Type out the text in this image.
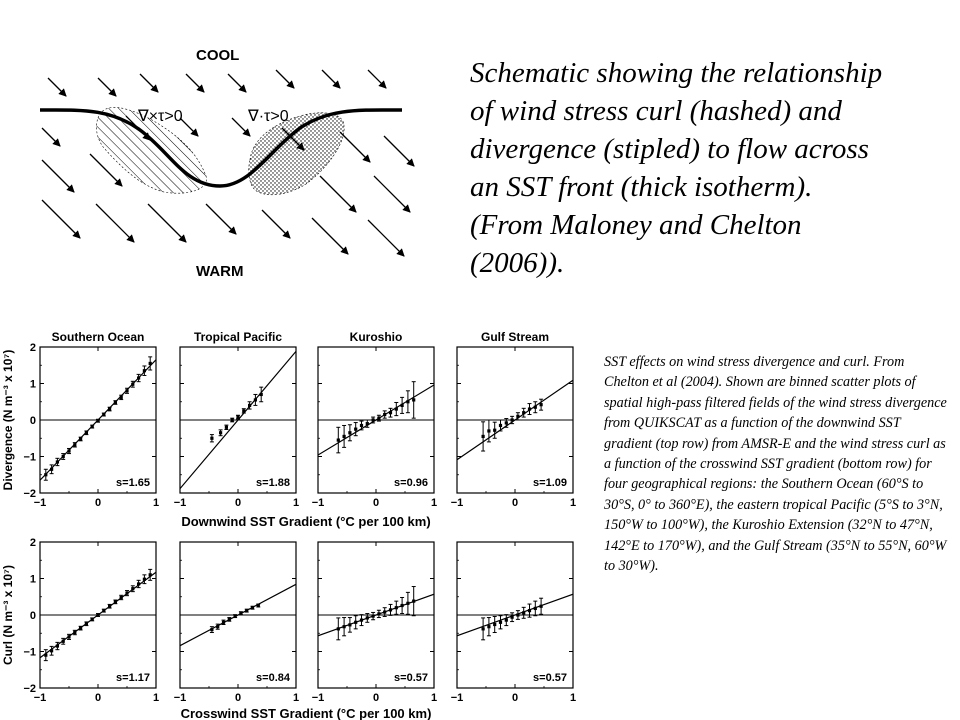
COOL
WARM
∇×τ>0	∇·τ>0
Schematic showing the relationship of wind stress curl (hashed) and divergence (stipled) to flow across an SST front (thick isotherm). (From Maloney and Chelton (2006)).
Downwind SST Gradient (°C per 100 km)
Crosswind SST Gradient (°C per 100 km)
s=1.65
Southern Ocean
−1	0	1
2
1
0
−1
−2
Divergence (N m⁻³ x 10⁷)	s=1.88
Tropical Pacific
−1	0	1
s=0.96
Kuroshio
−1	0	1
s=1.09
Gulf Stream
−1	0	1
s=1.17
−1	0	1
2
1
0
−1
−2
Curl (N m⁻³ x 10⁷)
s=0.84
−1	0	1
s=0.57
−1	0	1
s=0.57
−1	0	1
SST effects on wind stress divergence and curl. From Chelton et al (2004). Shown are binned scatter plots of spatial high-pass filtered fields of the wind stress divergence from QUIKSCAT as a function of the downwind SST gradient (top row) from AMSR-E and the wind stress curl as a function of the crosswind SST gradient (bottom row) for four geographical regions: the Southern Ocean (60°S to 30°S, 0° to 360°E), the eastern tropical Pacific (5°S to 3°N, 150°W to 100°W), the Kuroshio Extension (32°N to 47°N, 142°E to 170°W), and the Gulf Stream (35°N to 55°N, 60°W to 30°W).
